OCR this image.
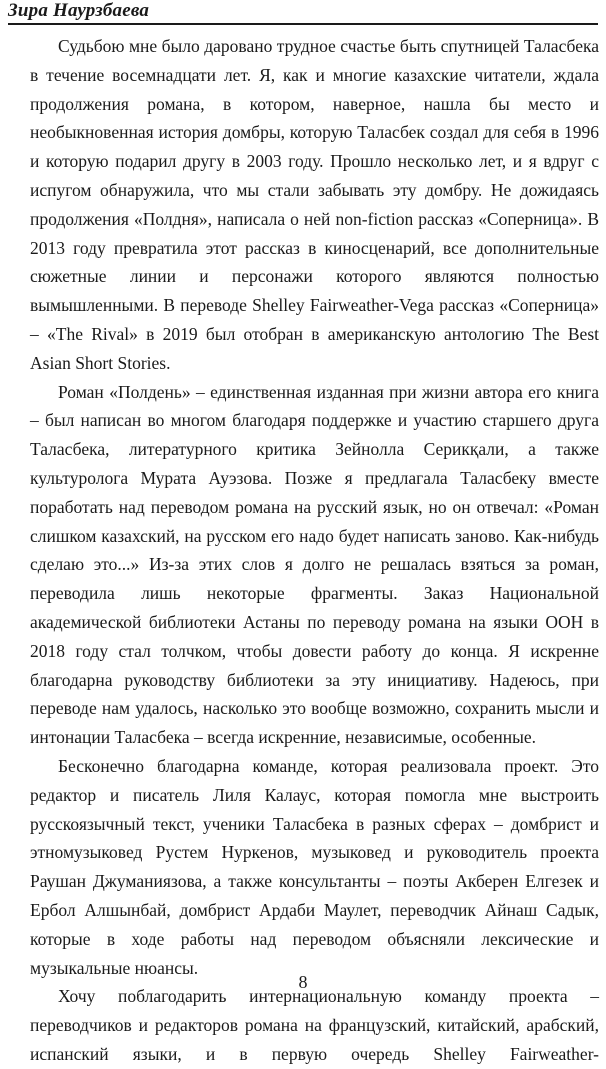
Зира Наурзбаева

Судьбою мне было даровано трудное счастье быть спутницей Таласбека в течение восемнадцати лет. Я, как и многие казахские читатели, ждала продолжения романа, в котором, наверное, нашла бы место и необыкновенная история домбры, которую Таласбек создал для себя в 1996 и которую подарил другу в 2003 году. Прошло несколько лет, и я вдруг с испугом обнаружила, что мы стали забывать эту домбру. Не дожидаясь продолжения «Полдня», написала о ней non-fiction рассказ «Соперница». В 2013 году превратила этот рассказ в киносценарий, все дополнительные сюжетные линии и персонажи которого являются полностью вымышленными. В переводе Shelley Fairweather-Vega рассказ «Соперница» – «The Rival» в 2019 был отобран в американскую антологию The Best Asian Short Stories.

Роман «Полдень» – единственная изданная при жизни автора его книга – был написан во многом благодаря поддержке и участию старшего друга Таласбека, литературного критика Зейнолла Серикқали, а также культуролога Мурата Ауэзова. Позже я предлагала Таласбеку вместе поработать над переводом романа на русский язык, но он отвечал: «Роман слишком казахский, на русском его надо будет написать заново. Как-нибудь сделаю это...» Из-за этих слов я долго не решалась взяться за роман, переводила лишь некоторые фрагменты. Заказ Национальной академической библиотеки Астаны по переводу романа на языки ООН в 2018 году стал толчком, чтобы довести работу до конца. Я искренне благодарна руководству библиотеки за эту инициативу. Надеюсь, при переводе нам удалось, насколько это вообще возможно, сохранить мысли и интонации Таласбека – всегда искренние, независимые, особенные.

Бесконечно благодарна команде, которая реализовала проект. Это редактор и писатель Лиля Калаус, которая помогла мне выстроить русскоязычный текст, ученики Таласбека в разных сферах – домбрист и этномузыковед Рустем Нуркенов, музыковед и руководитель проекта Раушан Джуманиязова, а также консультанты – поэты Акберен Елгезек и Ербол Алшынбай, домбрист Ардаби Маулет, переводчик Айнаш Садык, которые в ходе работы над переводом объясняли лексические и музыкальные нюансы.

Хочу поблагодарить интернациональную команду проекта – переводчиков и редакторов романа на французский, китайский, арабский, испанский языки, и в первую очередь Shelley Fairweather-

8
